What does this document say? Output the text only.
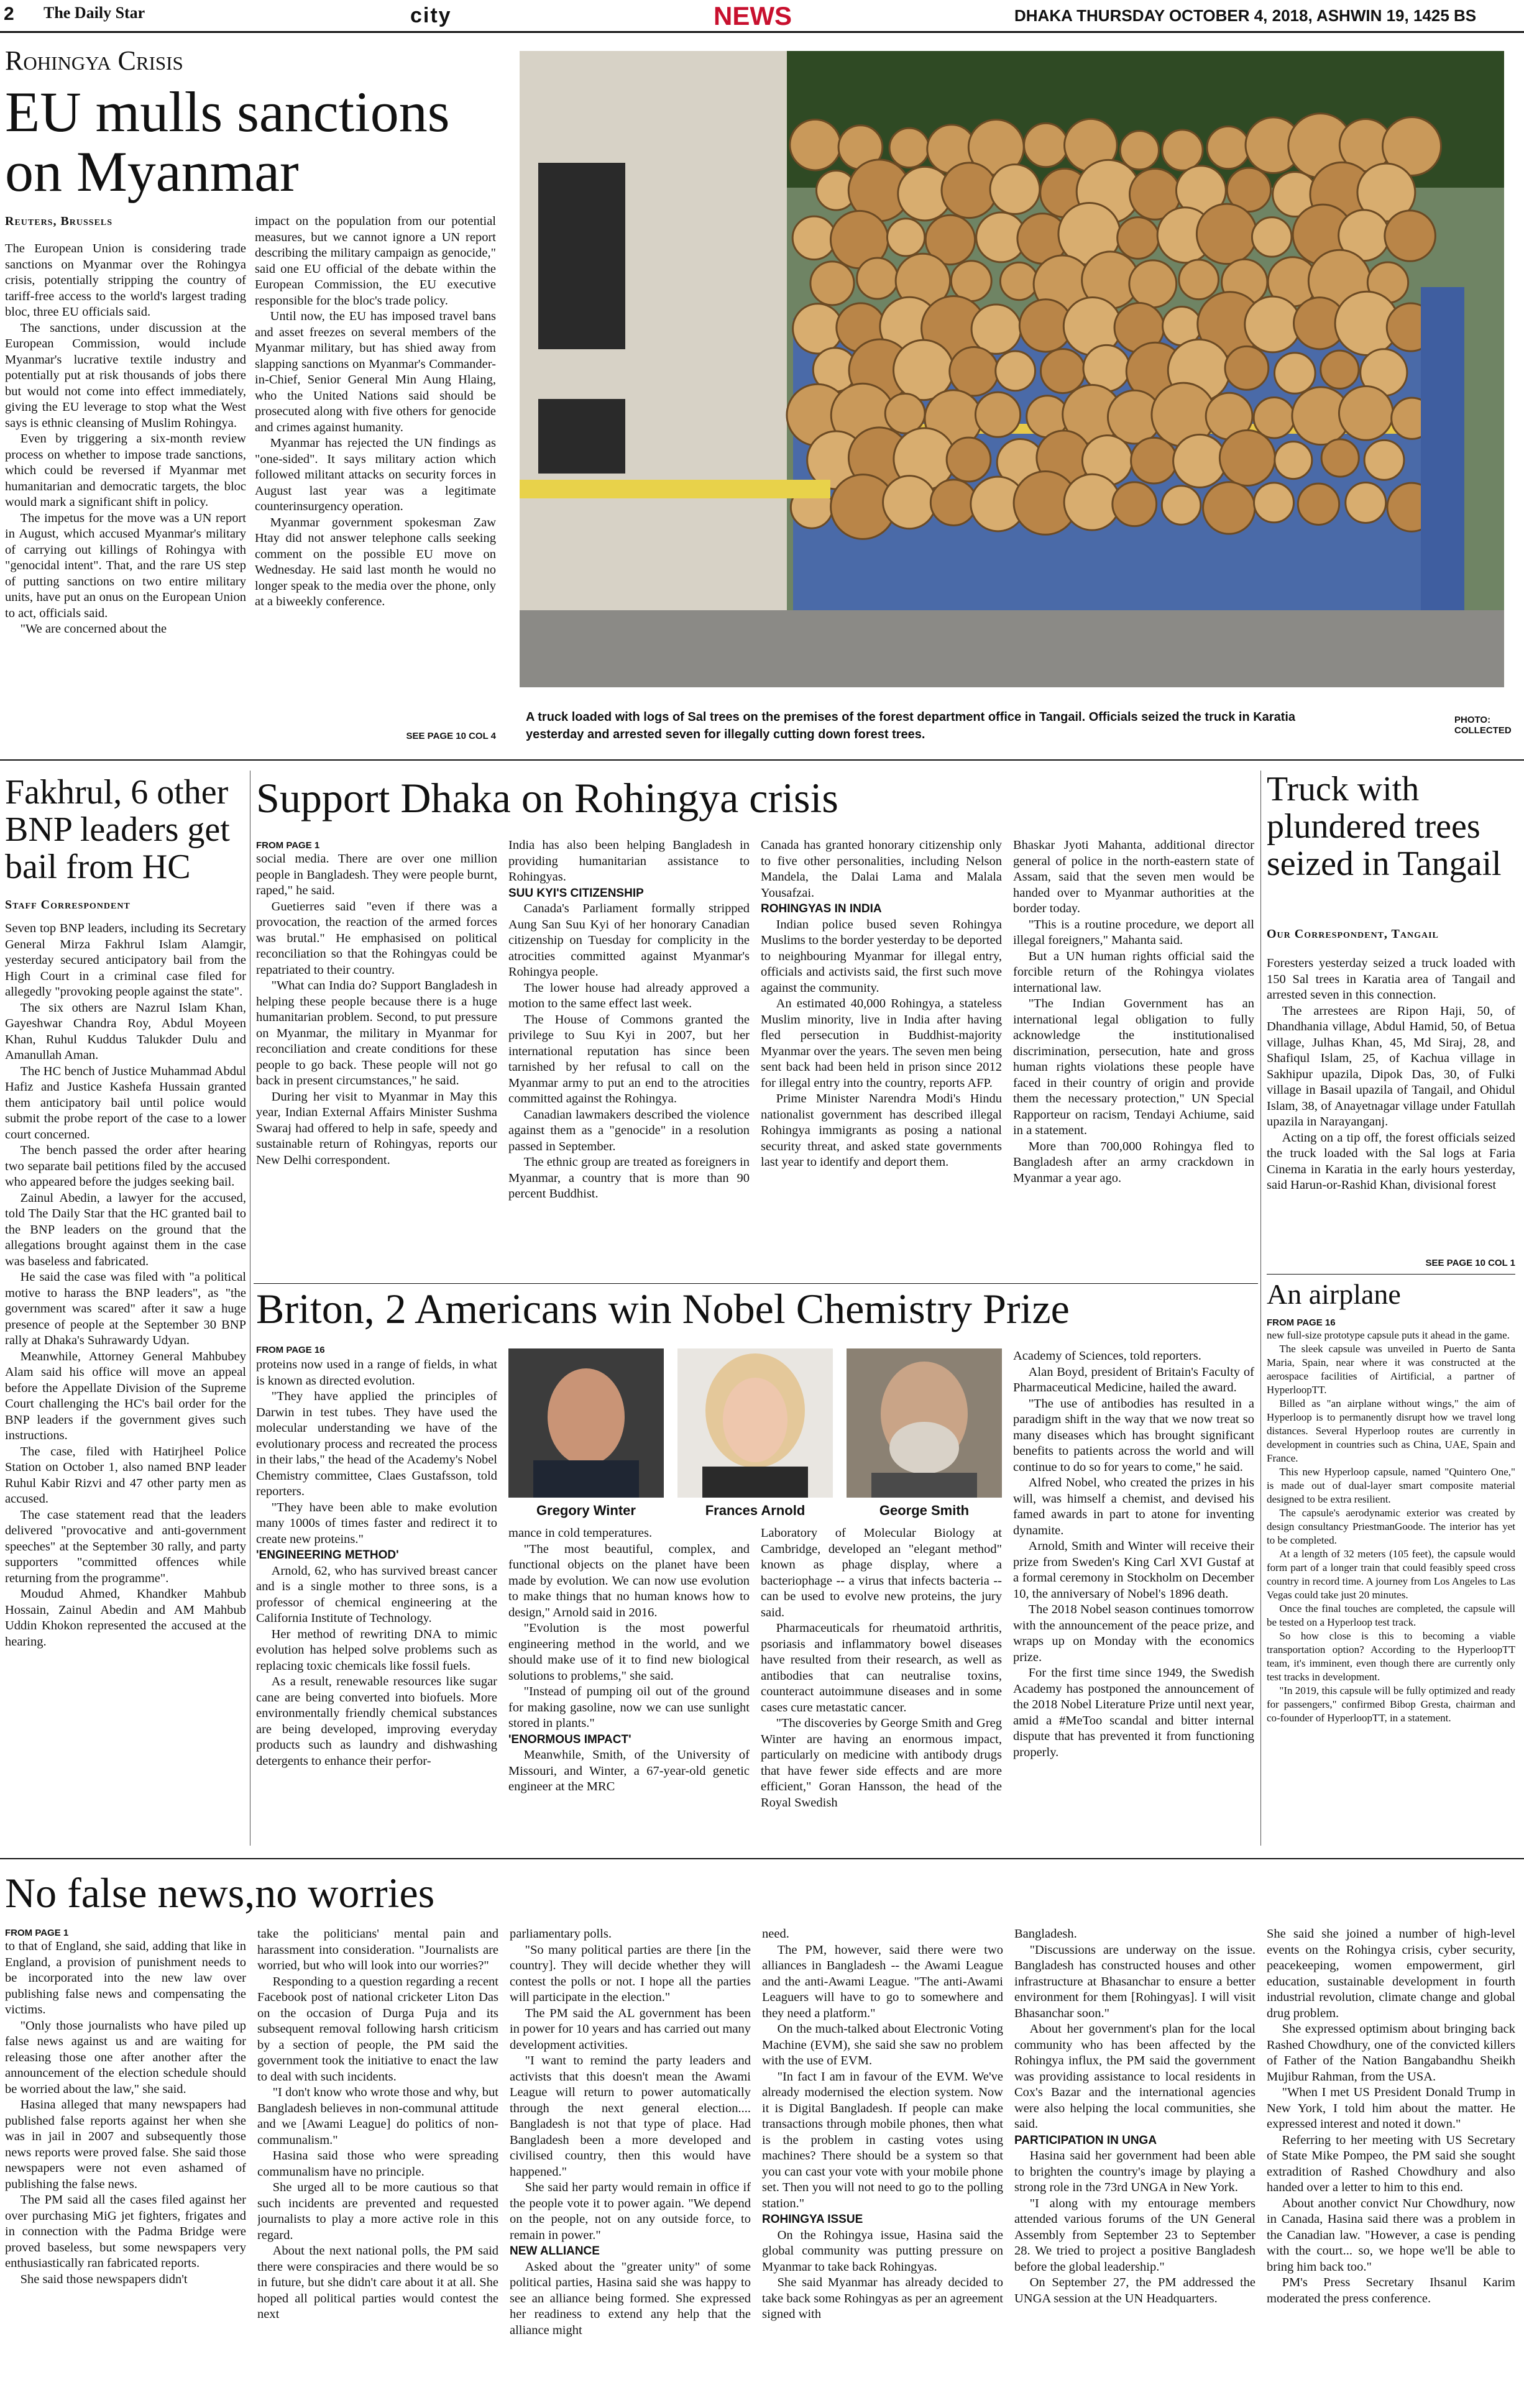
2 The Daily Star	city	NEWS	DHAKA THURSDAY OCTOBER 4, 2018, ASHWIN 19, 1425 BS
Rohingya Crisis
EU mulls sanctions on Myanmar
Reuters, Brussels

The European Union is considering trade sanctions on Myanmar over the Rohingya crisis, potentially stripping the country of tariff-free access to the world's largest trading bloc, three EU officials said.

The sanctions, under discussion at the European Commission, would include Myanmar's lucrative textile industry and potentially put at risk thousands of jobs there but would not come into effect immediately, giving the EU leverage to stop what the West says is ethnic cleansing of Muslim Rohingya.

Even by triggering a six-month review process on whether to impose trade sanctions, which could be reversed if Myanmar met humanitarian and democratic targets, the bloc would mark a significant shift in policy.

The impetus for the move was a UN report in August, which accused Myanmar's military of carrying out killings of Rohingya with "genocidal intent". That, and the rare US step of putting sanctions on two entire military units, have put an onus on the European Union to act, officials said.

"We are concerned about the

impact on the population from our potential measures, but we cannot ignore a UN report describing the military campaign as genocide," said one EU official of the debate within the European Commission, the EU executive responsible for the bloc's trade policy.

Until now, the EU has imposed travel bans and asset freezes on several members of the Myanmar military, but has shied away from slapping sanctions on Myanmar's Commander-in-Chief, Senior General Min Aung Hlaing, who the United Nations said should be prosecuted along with five others for genocide and crimes against humanity.

Myanmar has rejected the UN findings as "one-sided". It says military action which followed militant attacks on security forces in August last year was a legitimate counterinsurgency operation.

Myanmar government spokesman Zaw Htay did not answer telephone calls seeking comment on the possible EU move on Wednesday. He said last month he would no longer speak to the media over the phone, only at a biweekly conference.

SEE PAGE 10 COL 4
A truck loaded with logs of Sal trees on the premises of the forest department office in Tangail. Officials seized the truck in Karatia yesterday and arrested seven for illegally cutting down forest trees.
PHOTO:
COLLECTED
Fakhrul, 6 other BNP leaders get bail from HC
Staff Correspondent

Seven top BNP leaders, including its Secretary General Mirza Fakhrul Islam Alamgir, yesterday secured anticipatory bail from the High Court in a criminal case filed for allegedly "provoking people against the state".

The six others are Nazrul Islam Khan, Gayeshwar Chandra Roy, Abdul Moyeen Khan, Ruhul Kuddus Talukder Dulu and Amanullah Aman.

The HC bench of Justice Muhammad Abdul Hafiz and Justice Kashefa Hussain granted them anticipatory bail until police would submit the probe report of the case to a lower court concerned.

The bench passed the order after hearing two separate bail petitions filed by the accused who appeared before the judges seeking bail.

Zainul Abedin, a lawyer for the accused, told The Daily Star that the HC granted bail to the BNP leaders on the ground that the allegations brought against them in the case was baseless and fabricated.

He said the case was filed with "a political motive to harass the BNP leaders", as "the government was scared" after it saw a huge presence of people at the September 30 BNP rally at Dhaka's Suhrawardy Udyan.

Meanwhile, Attorney General Mahbubey Alam said his office will move an appeal before the Appellate Division of the Supreme Court challenging the HC's bail order for the BNP leaders if the government gives such instructions.

The case, filed with Hatirjheel Police Station on October 1, also named BNP leader Ruhul Kabir Rizvi and 47 other party men as accused.

The case statement read that the leaders delivered "provocative and anti-government speeches" at the September 30 rally, and party supporters "committed offences while returning from the programme".

Moudud Ahmed, Khandker Mahbub Hossain, Zainul Abedin and AM Mahbub Uddin Khokon represented the accused at the hearing.

Support Dhaka on Rohingya crisis
FROM PAGE 1

social media. There are over one million people in Bangladesh. They were people burnt, raped," he said.

Guetierres said "even if there was a provocation, the reaction of the armed forces was brutal." He emphasised on political reconciliation so that the Rohingyas could be repatriated to their country.

"What can India do? Support Bangladesh in helping these people because there is a huge humanitarian problem. Second, to put pressure on Myanmar, the military in Myanmar for reconciliation and create conditions for these people to go back. These people will not go back in present circumstances," he said.

During her visit to Myanmar in May this year, Indian External Affairs Minister Sushma Swaraj had offered to help in safe, speedy and sustainable return of Rohingyas, reports our New Delhi correspondent.

India has also been helping Bangladesh in providing humanitarian assistance to Rohingyas.

SUU KYI'S CITIZENSHIP

Canada's Parliament formally stripped Aung San Suu Kyi of her honorary Canadian citizenship on Tuesday for complicity in the atrocities committed against Myanmar's Rohingya people.

The lower house had already approved a motion to the same effect last week.

The House of Commons granted the privilege to Suu Kyi in 2007, but her international reputation has since been tarnished by her refusal to call on the Myanmar army to put an end to the atrocities committed against the Rohingya.

Canadian lawmakers described the violence against them as a "genocide" in a resolution passed in September.

The ethnic group are treated as foreigners in Myanmar, a country that is more than 90 percent Buddhist.

Canada has granted honorary citizenship only to five other personalities, including Nelson Mandela, the Dalai Lama and Malala Yousafzai.

ROHINGYAS IN INDIA

Indian police bused seven Rohingya Muslims to the border yesterday to be deported to neighbouring Myanmar for illegal entry, officials and activists said, the first such move against the community.

An estimated 40,000 Rohingya, a stateless Muslim minority, live in India after having fled persecution in Buddhist-majority Myanmar over the years. The seven men being sent back had been held in prison since 2012 for illegal entry into the country, reports AFP.

Prime Minister Narendra Modi's Hindu nationalist government has described illegal Rohingya immigrants as posing a national security threat, and asked state governments last year to identify and deport them.

Bhaskar Jyoti Mahanta, additional director general of police in the north-eastern state of Assam, said that the seven men would be handed over to Myanmar authorities at the border today.

"This is a routine procedure, we deport all illegal foreigners," Mahanta said.

But a UN human rights official said the forcible return of the Rohingya violates international law.

"The Indian Government has an international legal obligation to fully acknowledge the institutionalised discrimination, persecution, hate and gross human rights violations these people have faced in their country of origin and provide them the necessary protection," UN Special Rapporteur on racism, Tendayi Achiume, said in a statement.

More than 700,000 Rohingya fled to Bangladesh after an army crackdown in Myanmar a year ago.

Truck with plundered trees seized in Tangail
Our Correspondent, Tangail

Foresters yesterday seized a truck loaded with 150 Sal trees in Karatia area of Tangail and arrested seven in this connection.

The arrestees are Ripon Haji, 50, of Dhandhania village, Abdul Hamid, 50, of Betua village, Julhas Khan, 45, Md Siraj, 28, and Shafiqul Islam, 25, of Kachua village in Sakhipur upazila, Dipok Das, 30, of Fulki village in Basail upazila of Tangail, and Ohidul Islam, 38, of Anayetnagar village under Fatullah upazila in Narayanganj.

Acting on a tip off, the forest officials seized the truck loaded with the Sal logs at Faria Cinema in Karatia in the early hours yesterday, said Harun-or-Rashid Khan, divisional forest

SEE PAGE 10 COL 1
An airplane
FROM PAGE 16

new full-size prototype capsule puts it ahead in the game.

The sleek capsule was unveiled in Puerto de Santa Maria, Spain, near where it was constructed at the aerospace facilities of Airtificial, a partner of HyperloopTT.

Billed as "an airplane without wings," the aim of Hyperloop is to permanently disrupt how we travel long distances. Several Hyperloop routes are currently in development in countries such as China, UAE, Spain and France.

This new Hyperloop capsule, named "Quintero One," is made out of dual-layer smart composite material designed to be extra resilient.

The capsule's aerodynamic exterior was created by design consultancy PriestmanGoode. The interior has yet to be completed.

At a length of 32 meters (105 feet), the capsule would form part of a longer train that could feasibly speed cross country in record time. A journey from Los Angeles to Las Vegas could take just 20 minutes.

Once the final touches are completed, the capsule will be tested on a Hyperloop test track.

So how close is this to becoming a viable transportation option? According to the HyperloopTT team, it's imminent, even though there are currently only test tracks in development.

"In 2019, this capsule will be fully optimized and ready for passengers," confirmed Bibop Gresta, chairman and co-founder of HyperloopTT, in a statement.

Briton, 2 Americans win Nobel Chemistry Prize
FROM PAGE 16

proteins now used in a range of fields, in what is known as directed evolution.

"They have applied the principles of Darwin in test tubes. They have used the molecular understanding we have of the evolutionary process and recreated the process in their labs," the head of the Academy's Nobel Chemistry committee, Claes Gustafsson, told reporters.

"They have been able to make evolution many 1000s of times faster and redirect it to create new proteins."

'ENGINEERING METHOD'

Arnold, 62, who has survived breast cancer and is a single mother to three sons, is a professor of chemical engineering at the California Institute of Technology.

Her method of rewriting DNA to mimic evolution has helped solve problems such as replacing toxic chemicals like fossil fuels.

As a result, renewable resources like sugar cane are being converted into biofuels. More environmentally friendly chemical substances are being developed, improving everyday products such as laundry and dishwashing detergents to enhance their perfor-

Gregory Winter	Frances Arnold	George Smith

mance in cold temperatures.

"The most beautiful, complex, and functional objects on the planet have been made by evolution. We can now use evolution to make things that no human knows how to design," Arnold said in 2016.

"Evolution is the most powerful engineering method in the world, and we should make use of it to find new biological solutions to problems," she said.

"Instead of pumping oil out of the ground for making gasoline, now we can use sunlight stored in plants."

'ENORMOUS IMPACT'

Meanwhile, Smith, of the University of Missouri, and Winter, a 67-year-old genetic engineer at the MRC

Laboratory of Molecular Biology at Cambridge, developed an "elegant method" known as phage display, where a bacteriophage -- a virus that infects bacteria -- can be used to evolve new proteins, the jury said.

Pharmaceuticals for rheumatoid arthritis, psoriasis and inflammatory bowel diseases have resulted from their research, as well as antibodies that can neutralise toxins, counteract autoimmune diseases and in some cases cure metastatic cancer.

"The discoveries by George Smith and Greg Winter are having an enormous impact, particularly on medicine with antibody drugs that have fewer side effects and are more efficient," Goran Hansson, the head of the Royal Swedish

Academy of Sciences, told reporters.

Alan Boyd, president of Britain's Faculty of Pharmaceutical Medicine, hailed the award.

"The use of antibodies has resulted in a paradigm shift in the way that we now treat so many diseases which has brought significant benefits to patients across the world and will continue to do so for years to come," he said.

Alfred Nobel, who created the prizes in his will, was himself a chemist, and devised his famed awards in part to atone for inventing dynamite.

Arnold, Smith and Winter will receive their prize from Sweden's King Carl XVI Gustaf at a formal ceremony in Stockholm on December 10, the anniversary of Nobel's 1896 death.

The 2018 Nobel season continues tomorrow with the announcement of the peace prize, and wraps up on Monday with the economics prize.

For the first time since 1949, the Swedish Academy has postponed the announcement of the 2018 Nobel Literature Prize until next year, amid a #MeToo scandal and bitter internal dispute that has prevented it from functioning properly.

No false news,no worries
FROM PAGE 1

to that of England, she said, adding that like in England, a provision of punishment needs to be incorporated into the new law over publishing false news and compensating the victims.

"Only those journalists who have piled up false news against us and are waiting for releasing those one after another after the announcement of the election schedule should be worried about the law," she said.

Hasina alleged that many newspapers had published false reports against her when she was in jail in 2007 and subsequently those news reports were proved false. She said those newspapers were not even ashamed of publishing the false news.

The PM said all the cases filed against her over purchasing MiG jet fighters, frigates and in connection with the Padma Bridge were proved baseless, but some newspapers very enthusiastically ran fabricated reports.

She said those newspapers didn't

take the politicians' mental pain and harassment into consideration. "Journalists are worried, but who will look into our worries?"

Responding to a question regarding a recent Facebook post of national cricketer Liton Das on the occasion of Durga Puja and its subsequent removal following harsh criticism by a section of people, the PM said the government took the initiative to enact the law to deal with such incidents.

"I don't know who wrote those and why, but Bangladesh believes in non-communal attitude and we [Awami League] do politics of non-communalism."

Hasina said those who were spreading communalism have no principle.

She urged all to be more cautious so that such incidents are prevented and requested journalists to play a more active role in this regard.

About the next national polls, the PM said there were conspiracies and there would be so in future, but she didn't care about it at all. She hoped all political parties would contest the next

parliamentary polls.

"So many political parties are there [in the country]. They will decide whether they will contest the polls or not. I hope all the parties will participate in the election."

The PM said the AL government has been in power for 10 years and has carried out many development activities.

"I want to remind the party leaders and activists that this doesn't mean the Awami League will return to power automatically through the next general election.... Bangladesh is not that type of place. Had Bangladesh been a more developed and civilised country, then this would have happened."

She said her party would remain in office if the people vote it to power again. "We depend on the people, not on any outside force, to remain in power."

NEW ALLIANCE

Asked about the "greater unity" of some political parties, Hasina said she was happy to see an alliance being formed. She expressed her readiness to extend any help that the alliance might

need.

The PM, however, said there were two alliances in Bangladesh -- the Awami League and the anti-Awami League. "The anti-Awami Leaguers will have to go to somewhere and they need a platform."

On the much-talked about Electronic Voting Machine (EVM), she said she saw no problem with the use of EVM.

"In fact I am in favour of the EVM. We've already modernised the election system. Now it is Digital Bangladesh. If people can make transactions through mobile phones, then what is the problem in casting votes using machines? There should be a system so that you can cast your vote with your mobile phone set. Then you will not need to go to the polling station."

ROHINGYA ISSUE

On the Rohingya issue, Hasina said the global community was putting pressure on Myanmar to take back Rohingyas.

She said Myanmar has already decided to take back some Rohingyas as per an agreement signed with

Bangladesh.

"Discussions are underway on the issue. Bangladesh has constructed houses and other infrastructure at Bhasanchar to ensure a better environment for them [Rohingyas]. I will visit Bhasanchar soon."

About her government's plan for the local community who has been affected by the Rohingya influx, the PM said the government was providing assistance to local residents in Cox's Bazar and the international agencies were also helping the local communities, she said.

PARTICIPATION IN UNGA

Hasina said her government had been able to brighten the country's image by playing a strong role in the 73rd UNGA in New York.

"I along with my entourage members attended various forums of the UN General Assembly from September 23 to September 28. We tried to project a positive Bangladesh before the global leadership."

On September 27, the PM addressed the UNGA session at the UN Headquarters.

She said she joined a number of high-level events on the Rohingya crisis, cyber security, peacekeeping, women empowerment, girl education, sustainable development in fourth industrial revolution, climate change and global drug problem.

She expressed optimism about bringing back Rashed Chowdhury, one of the convicted killers of Father of the Nation Bangabandhu Sheikh Mujibur Rahman, from the USA.

"When I met US President Donald Trump in New York, I told him about the matter. He expressed interest and noted it down."

Referring to her meeting with US Secretary of State Mike Pompeo, the PM said she sought extradition of Rashed Chowdhury and also handed over a letter to him to this end.

About another convict Nur Chowdhury, now in Canada, Hasina said there was a problem in the Canadian law. "However, a case is pending with the court... so, we hope we'll be able to bring him back too."

PM's Press Secretary Ihsanul Karim moderated the press conference.
